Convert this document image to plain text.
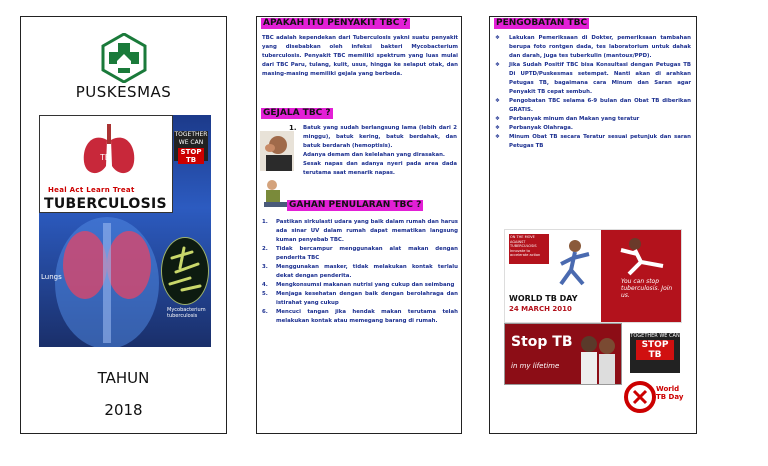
PUSKESMAS
Lungs
Mycobacterium tuberculosis
TB
Heal Act Learn Treat
TUBERCULOSIS
TOGETHER WE CAN
STOP TB
TAHUN
2018
APAKAH ITU PENYAKIT TBC ?
TBC adalah kependekan dari Tuberculosis yakni suatu penyakit yang disebabkan oleh infeksi bakteri Mycobacterium tuberculosis. Penyakit TBC memiliki spektrum yang luas mulai dari TBC Paru, tulang, kulit, usus, hingga ke selaput otak, dan masing-masing memiliki gejala yang berbeda.
GEJALA TBC ?
1. Batuk yang sudah berlangsung lama (lebih dari 2 minggu), batuk kering, batuk berdahak, dan batuk berdarah (hemoptisis).
Adanya demam dan kelelahan yang dirasakan.
Sesak napas dan adanya nyeri pada area dada terutama saat menarik napas.
GAHAN PENULARAN TBC ?
1. Pastikan sirkulasti udara yang baik dalam rumah dan harus ada sinar UV dalam rumah dapat mematikan langsung kuman penyebab TBC.
2. Tidak bercampur menggunakan alat makan dengan penderita TBC
3. Menggunakan masker, tidak melakukan kontak terlalu dekat dengan penderita.
4. Mengkonsumsi makanan nutrisi yang cukup dan seimbang
5. Menjaga kesehatan dengan baik dengan berolahraga dan istirahat yang cukup
6. Mencuci tangan jika hendak makan terutama telah melakukan kontak atau memegang barang di rumah.
PENGOBATAN TBC
❖ Lakukan Pemeriksaan di Dokter, pemeriksaan tambahan berupa foto rontgen dada, tes laboratorium untuk dahak dan darah, juga tes tuberkulin (mantoux/PPD).
❖ Jika Sudah Positif TBC bisa Konsultasi dengan Petugas TB Di UPTD/Puskesmas setempat. Nanti akan di arahkan Petugas TB, bagaimana cara Minum dan Saran agar Penyakit TB cepat sembuh.
❖ Pengobatan TBC selama 6-9 bulan dan Obat TB diberikan GRATIS.
❖ Perbanyak minum dan Makan yang teratur
❖ Perbanyak Olahraga.
❖ Minum Obat TB secara Teratur sesuai petunjuk dan saran Petugas TB
ON THE MOVE AGAINST TUBERCULOSIS Innovate to accelerate action
WORLD TB DAY
24 MARCH 2010
You can stop tuberculosis. Join us.
Stop TB
in my lifetime
TOGETHER WE CAN
STOP TB
World TB Day
